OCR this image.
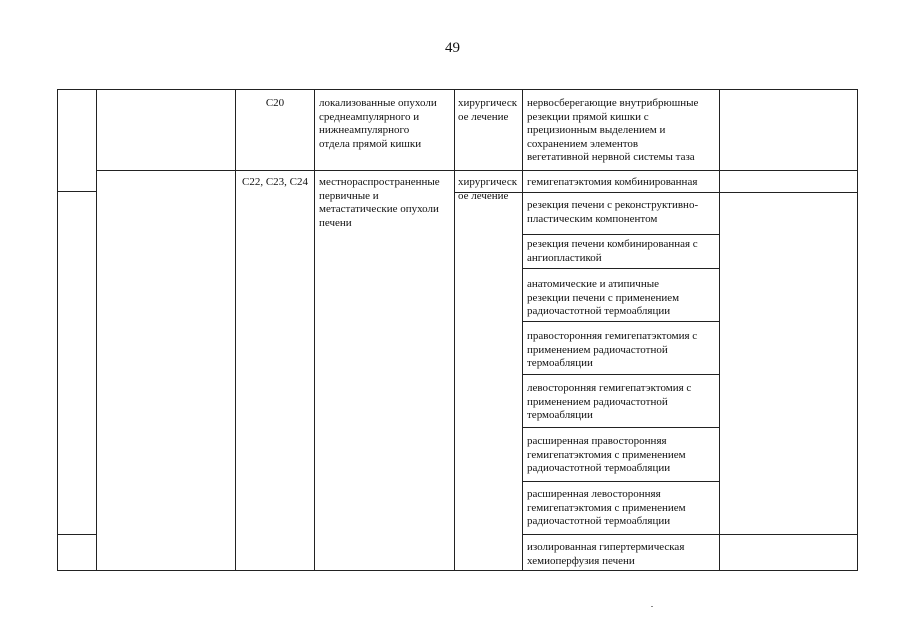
49
C20	локализованные опухоли
среднеампулярного и
нижнеампулярного
отдела прямой кишки
хирургическ
ое лечение
нервосберегающие внутрибрюшные
резекции прямой кишки с
прецизионным выделением и
сохранением элементов
вегетативной нервной системы таза
C22, C23, C24	местнораспространенные
первичные и
метастатические опухоли
печени
хирургическ
ое лечение
гемигепатэктомия комбинированная
резекция печени с реконструктивно-
пластическим компонентом
резекция печени комбинированная с
ангиопластикой
анатомические и атипичные
резекции печени с применением
радиочастотной термоабляции
правосторонняя гемигепатэктомия с
применением радиочастотной
термоабляции
левосторонняя гемигепатэктомия с
применением радиочастотной
термоабляции
расширенная правосторонняя
гемигепатэктомия с применением
радиочастотной термоабляции
расширенная левосторонняя
гемигепатэктомия с применением
радиочастотной термоабляции
изолированная гипертермическая
хемиоперфузия печени
